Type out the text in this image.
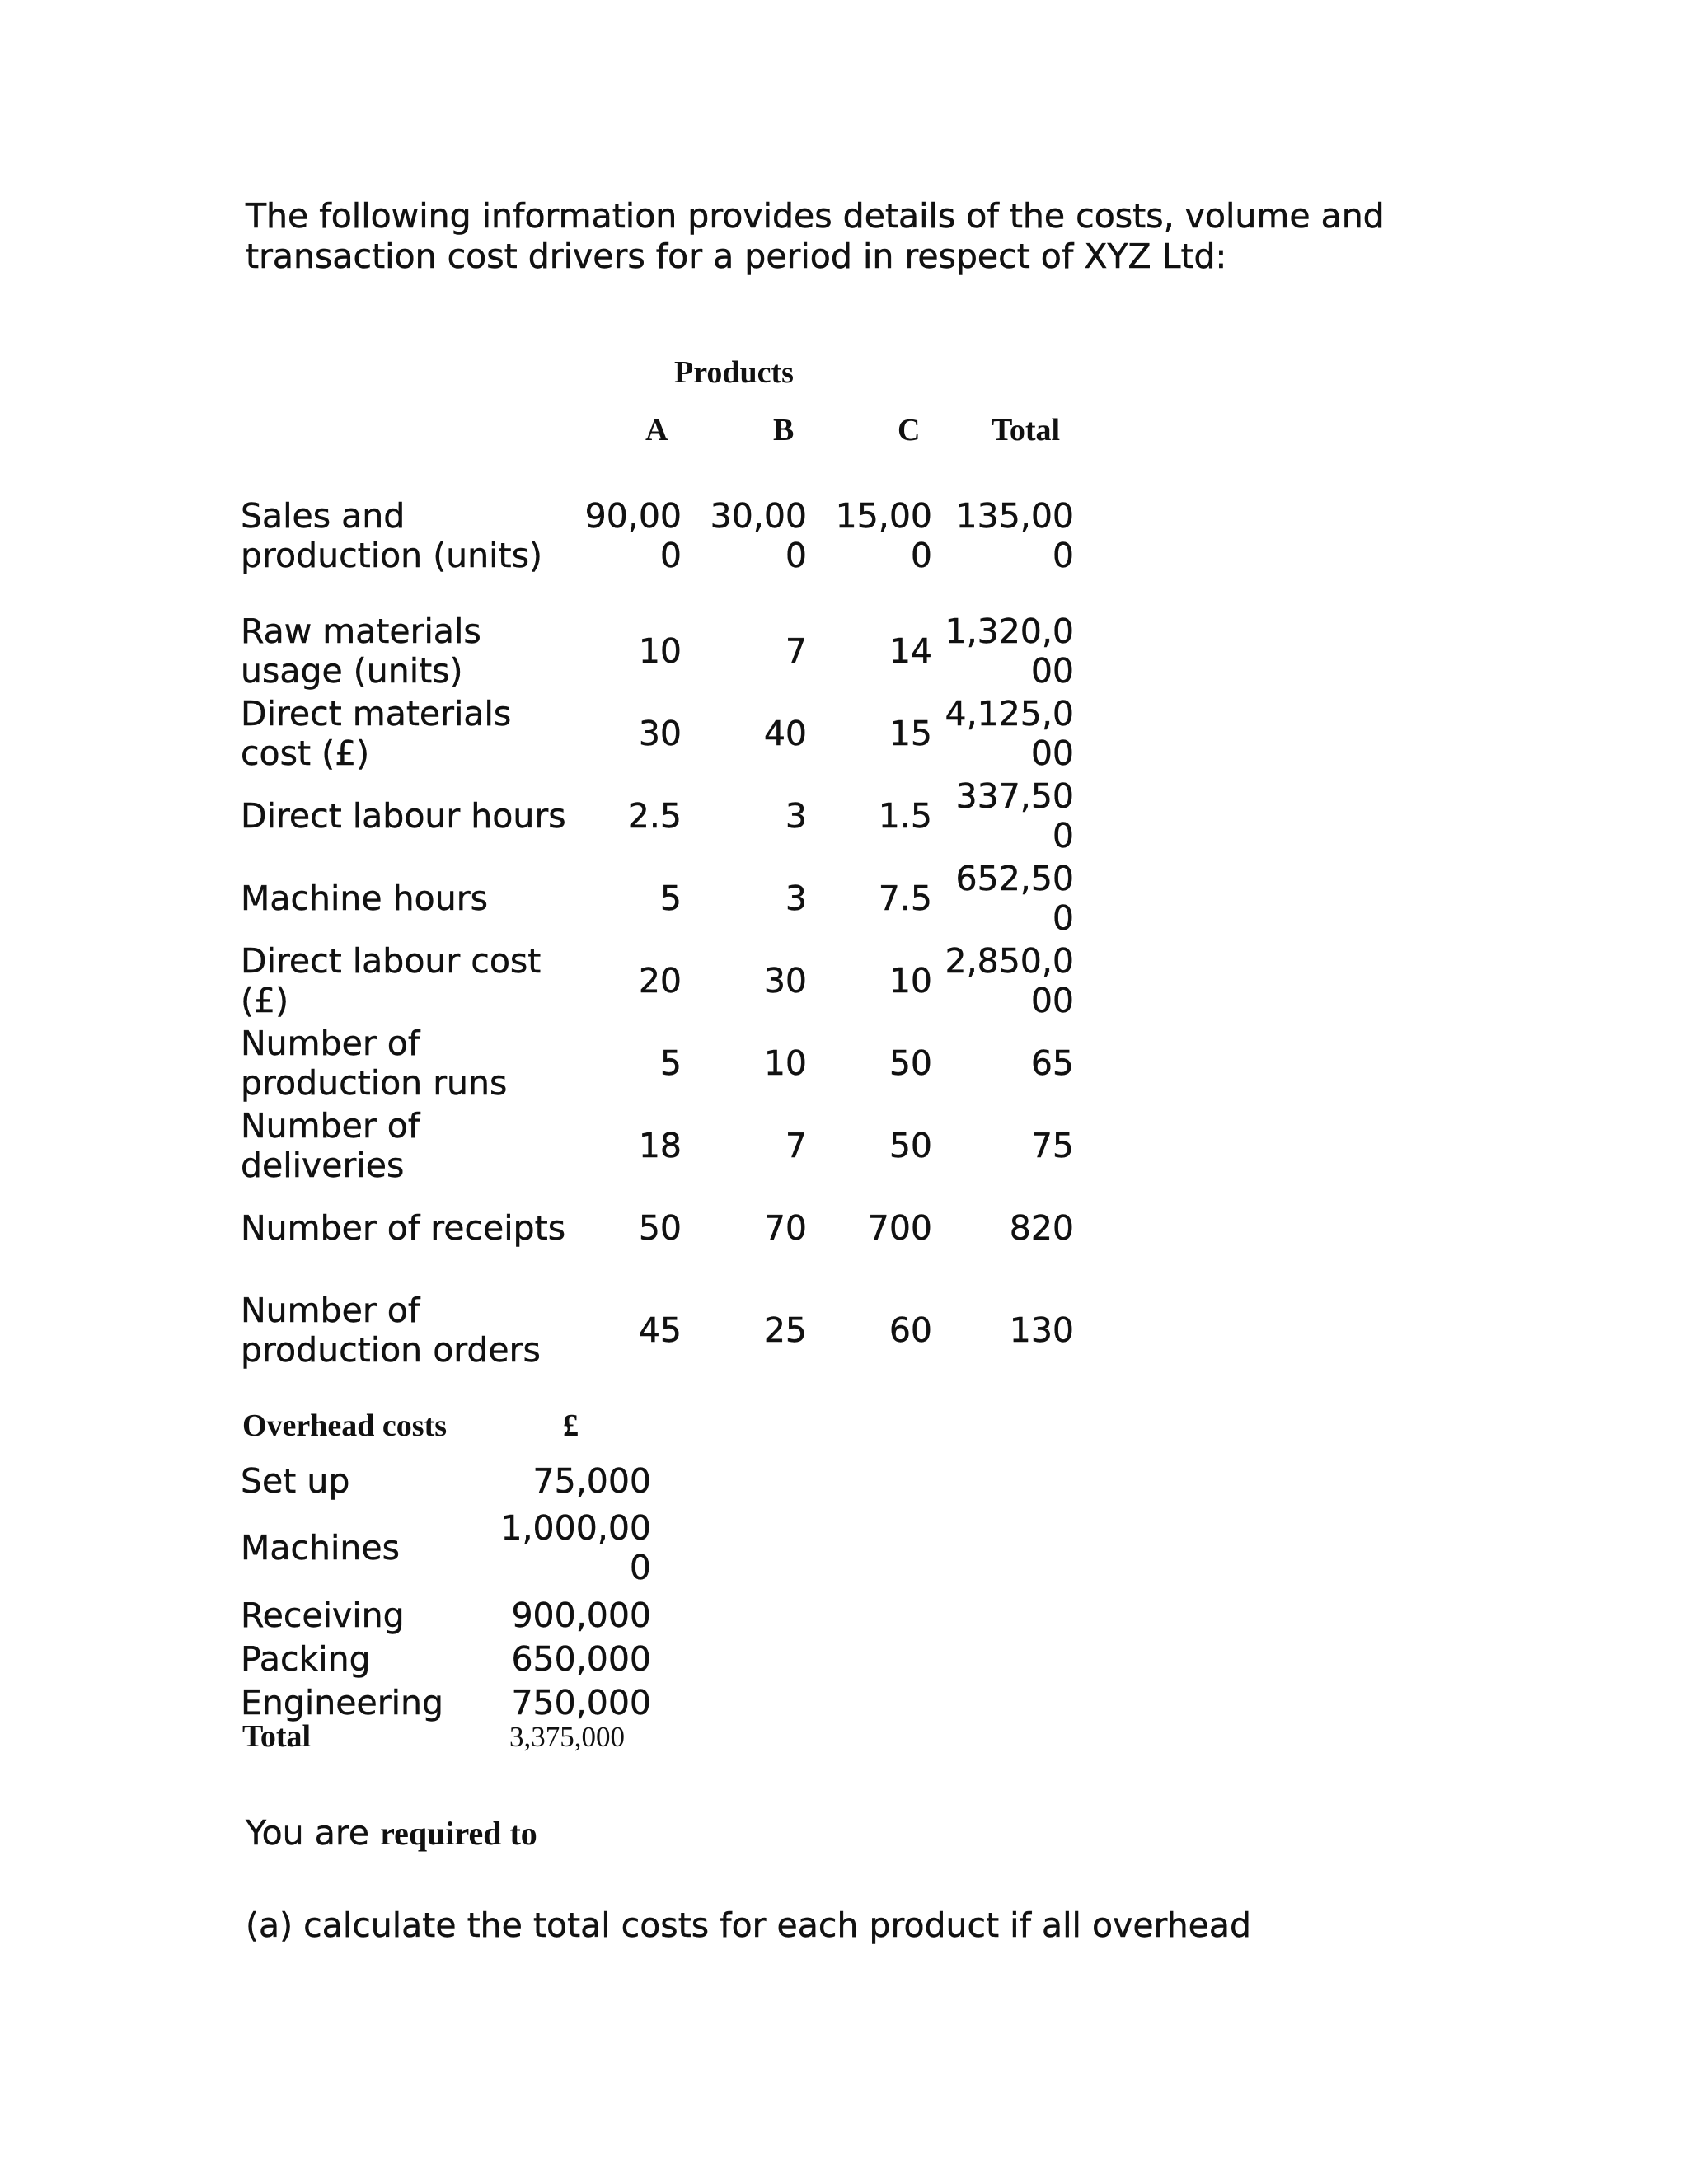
The following information provides details of the costs, volume and transaction cost drivers for a period in respect of XYZ Ltd:
Products
A	B	C Total
Sales and production (units)	90,000	30,000	15,000	135,000
Raw materials usage (units)	10	7	14	1,320,000
Direct materials cost (£)	30	40	15	4,125,000
Direct labour hours	2.5	3	1.5	337,500
Machine hours	5	3	7.5	652,500
Direct labour cost (£)	20	30	10	2,850,000
Number of production runs	5	10	50	65
Number of deliveries	18	7	50	75
Number of receipts	50	70	700	820
Number of production orders	45	25	60	130
Overhead costs	£
Set up	75,000
Machines	1,000,000
Receiving	900,000
Packing	650,000
Engineering	750,000
Total	3,375,000
You are required to
(a) calculate the total costs for each product if all overhead
